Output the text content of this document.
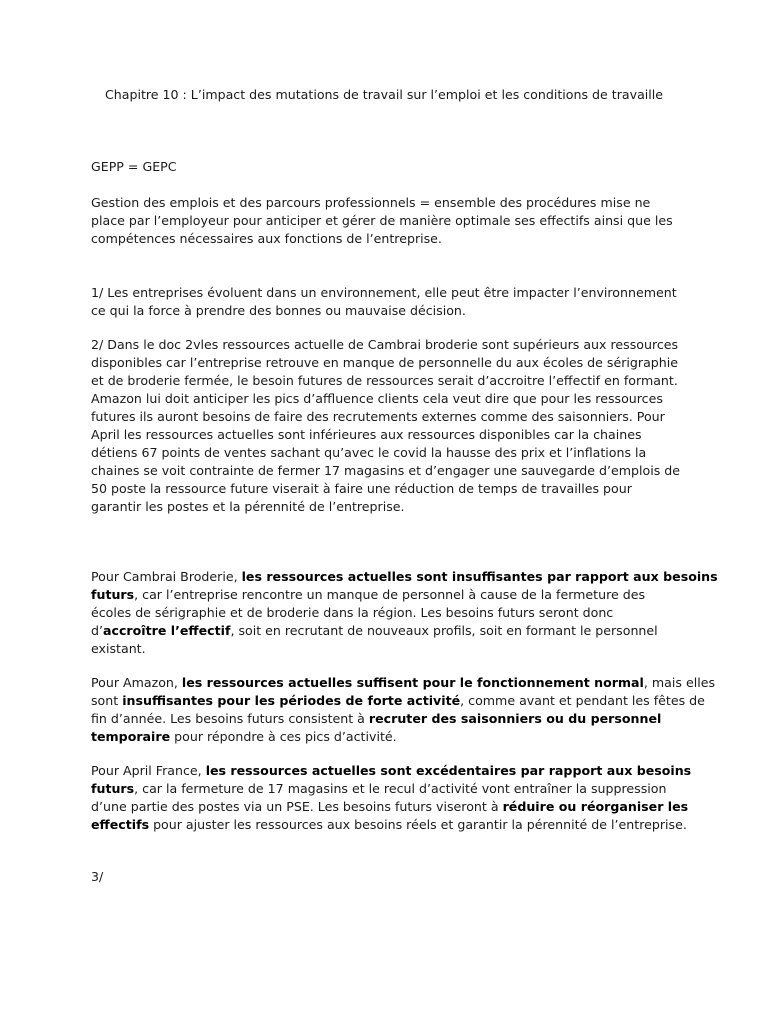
Chapitre 10 : L’impact des mutations de travail sur l’emploi et les conditions de travaille
GEPP = GEPC
Gestion des emplois et des parcours professionnels = ensemble des procédures mise ne
place par l’employeur pour anticiper et gérer de manière optimale ses effectifs ainsi que les
compétences nécessaires aux fonctions de l’entreprise.
1/ Les entreprises évoluent dans un environnement, elle peut être impacter l’environnement
ce qui la force à prendre des bonnes ou mauvaise décision.
2/ Dans le doc 2vles ressources actuelle de Cambrai broderie sont supérieurs aux ressources
disponibles car l’entreprise retrouve en manque de personnelle du aux écoles de sérigraphie
et de broderie fermée, le besoin futures de ressources serait d’accroitre l’effectif en formant.
Amazon lui doit anticiper les pics d’affluence clients cela veut dire que pour les ressources
futures ils auront besoins de faire des recrutements externes comme des saisonniers. Pour
April les ressources actuelles sont inférieures aux ressources disponibles car la chaines
détiens 67 points de ventes sachant qu’avec le covid la hausse des prix et l’inflations la
chaines se voit contrainte de fermer 17 magasins et d’engager une sauvegarde d’emplois de
50 poste la ressource future viserait à faire une réduction de temps de travailles pour
garantir les postes et la pérennité de l’entreprise.
Pour Cambrai Broderie, les ressources actuelles sont insuffisantes par rapport aux besoins
futurs, car l’entreprise rencontre un manque de personnel à cause de la fermeture des
écoles de sérigraphie et de broderie dans la région. Les besoins futurs seront donc
d’accroître l’effectif, soit en recrutant de nouveaux profils, soit en formant le personnel
existant.
Pour Amazon, les ressources actuelles suffisent pour le fonctionnement normal, mais elles
sont insuffisantes pour les périodes de forte activité, comme avant et pendant les fêtes de
fin d’année. Les besoins futurs consistent à recruter des saisonniers ou du personnel
temporaire pour répondre à ces pics d’activité.
Pour April France, les ressources actuelles sont excédentaires par rapport aux besoins
futurs, car la fermeture de 17 magasins et le recul d’activité vont entraîner la suppression
d’une partie des postes via un PSE. Les besoins futurs viseront à réduire ou réorganiser les
effectifs pour ajuster les ressources aux besoins réels et garantir la pérennité de l’entreprise.
3/
